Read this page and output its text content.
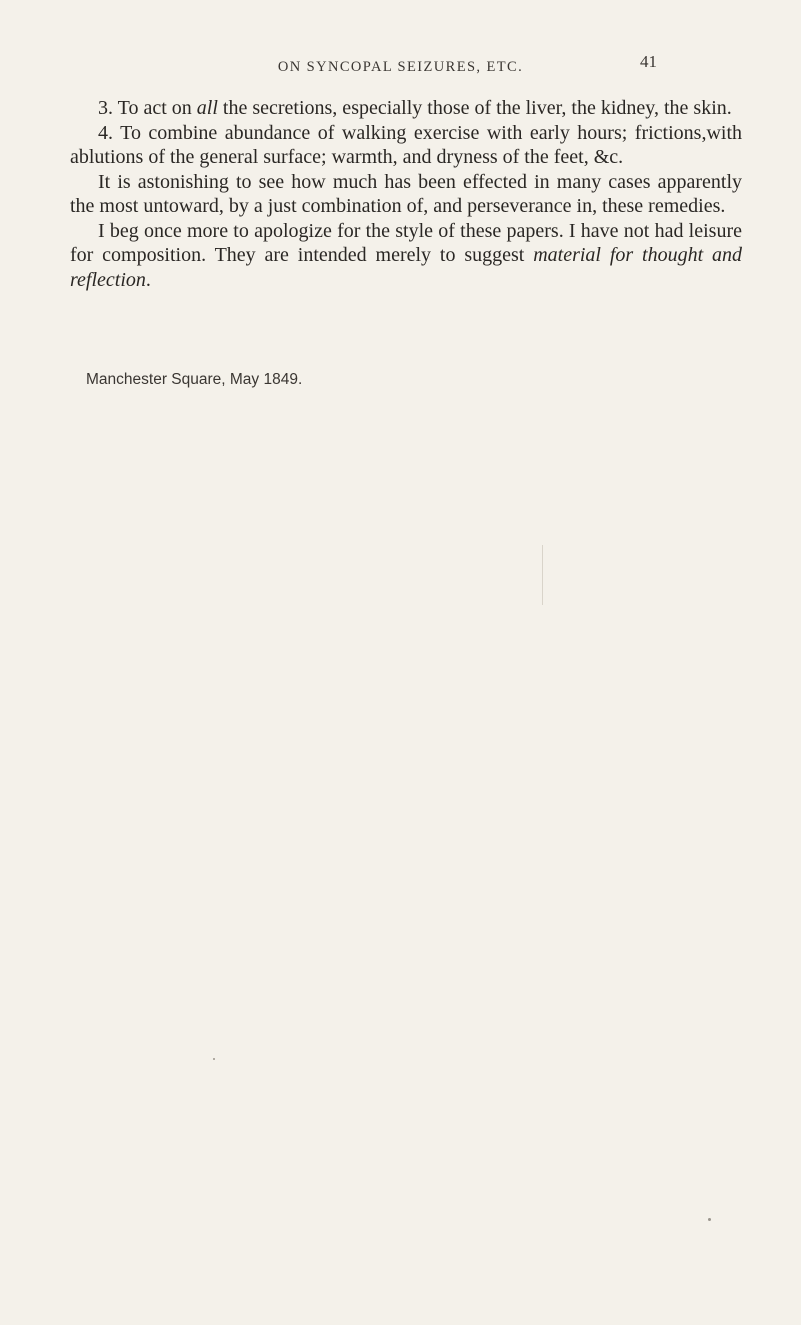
ON SYNCOPAL SEIZURES, ETC.	41

3. To act on all the secretions, especially those of the liver, the kidney, the skin.

4. To combine abundance of walking exercise with early hours; frictions,with ablutions of the general surface; warmth, and dryness of the feet, &c.

It is astonishing to see how much has been effected in many cases apparently the most untoward, by a just combination of, and perseverance in, these remedies.

I beg once more to apologize for the style of these papers. I have not had leisure for composition. They are intended merely to suggest material for thought and reflection.

Manchester Square, May 1849.
